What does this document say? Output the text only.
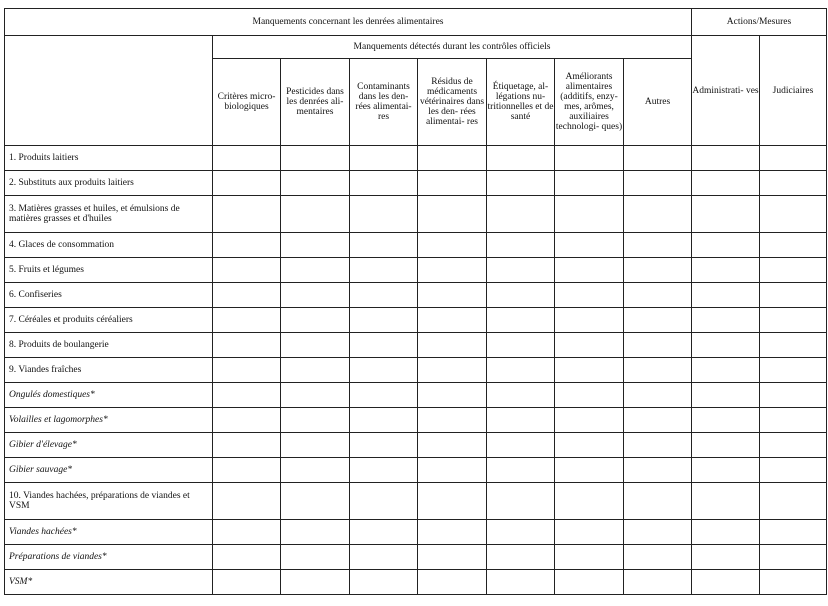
Manquements concernant les denrées alimentaires								Actions/Mesures	
	Manquements détectés durant les contrôles officiels							Administrati- ves	Judiciaires
	Critères micro- biologiques	Pesticides dans les denrées ali- mentaires	Contaminants dans les den- rées alimentai- res	Résidus de médicaments vétérinaires dans les den- rées alimentai- res	Étiquetage, al- légations nu- tritionnelles et de santé	Améliorants alimentaires (additifs, enzy- mes, arômes, auxiliaires technologi- ques)	Autres		
1. Produits laitiers									
2. Substituts aux produits laitiers									
3. Matières grasses et huiles, et émulsions de matières grasses et d'huiles									
4. Glaces de consommation									
5. Fruits et légumes									
6. Confiseries									
7. Céréales et produits céréaliers									
8. Produits de boulangerie									
9. Viandes fraîches									
Ongulés domestiques*									
Volailles et lagomorphes*									
Gibier d'élevage*									
Gibier sauvage*									
10. Viandes hachées, préparations de viandes et VSM									
Viandes hachées*									
Préparations de viandes*									
VSM*									
